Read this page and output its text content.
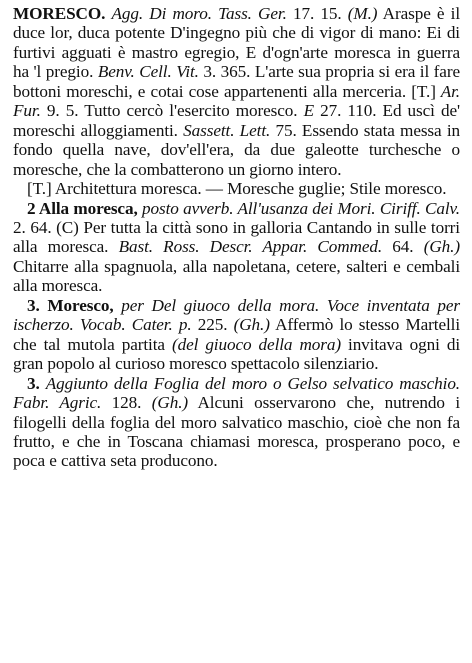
MORESCO. Agg. Di moro. Tass. Ger. 17. 15. (M.) Araspe è il duce lor, duca potente D'ingegno più che di vigor di mano: Ei di furtivi agguati è mastro egregio, E d'ogn'arte moresca in guerra ha 'l pregio. Benv. Cell. Vit. 3. 365. L'arte sua propria si era il fare bottoni moreschi, e cotai cose appartenenti alla merceria. [T.] Ar. Fur. 9. 5. Tutto cercò l'esercito moresco. E 27. 110. Ed uscì de' moreschi alloggiamenti. Sassett. Lett. 75. Essendo stata messa in fondo quella nave, dov'ell'era, da due galeotte turchesche o moresche, che la combatterono un giorno intero.

[T.] Architettura moresca. — Moresche guglie; Stile moresco.

2 Alla moresca, posto avverb. All'usanza dei Mori. Ciriff. Calv. 2. 64. (C) Per tutta la città sono in galloria Cantando in sulle torri alla moresca. Bast. Ross. Descr. Appar. Commed. 64. (Gh.) Chitarre alla spagnuola, alla napoletana, cetere, salteri e cembali alla moresca.

3. Moresco, per Del giuoco della mora. Voce inventata per ischerzo. Vocab. Cater. p. 225. (Gh.) Affermò lo stesso Martelli che tal mutola partita (del giuoco della mora) invitava ogni di gran popolo al curioso moresco spettacolo silenziario.

3. Aggiunto della Foglia del moro o Gelso selvatico maschio. Fabr. Agric. 128. (Gh.) Alcuni osservarono che, nutrendo i filogelli della foglia del moro salvatico maschio, cioè che non fa frutto, e che in Toscana chiamasi moresca, prosperano poco, e poca e cattiva seta producono.
